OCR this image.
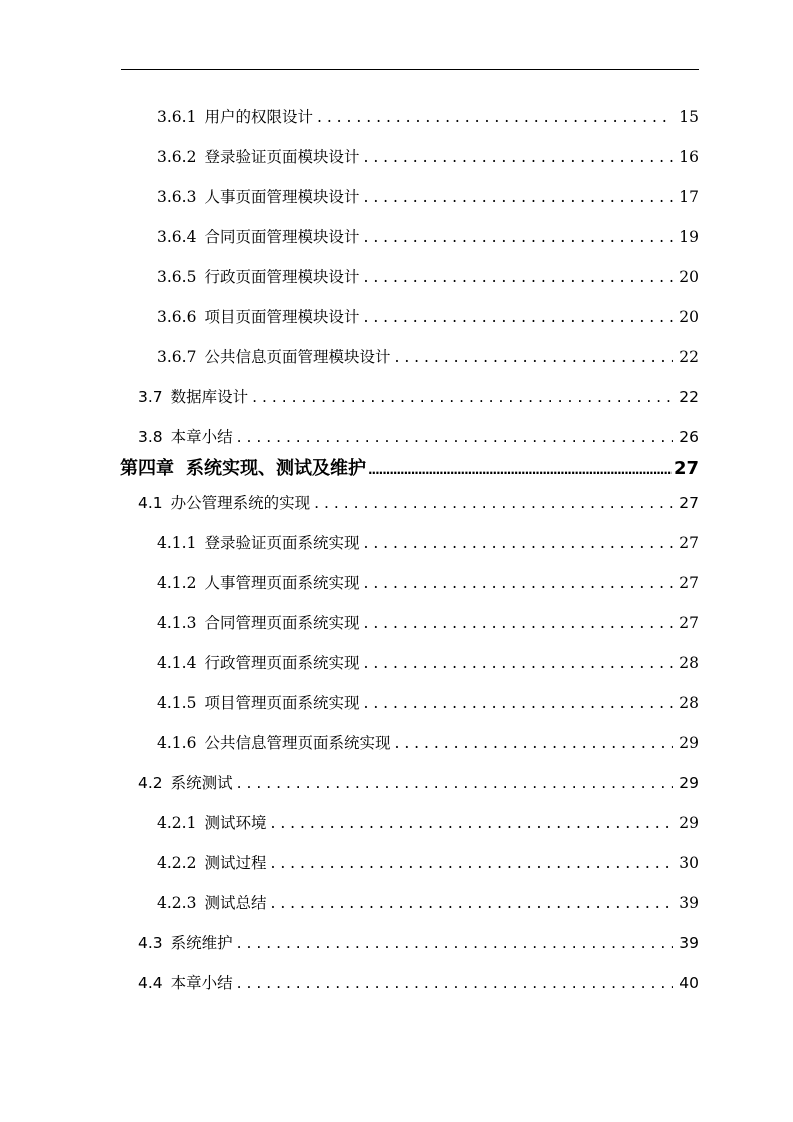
3.6.1 用户的权限设计 . . .	15
3.6.2 登录验证页面模块设计 . . .	16
3.6.3 人事页面管理模块设计 . . .	17
3.6.4 合同页面管理模块设计 . . .	19
3.6.5 行政页面管理模块设计 . . .	20
3.6.6 项目页面管理模块设计 . . .	20
3.6.7 公共信息页面管理模块设计 . . .	22
3.7 数据库设计 . . .	22
3.8 本章小结 . . .	26
第四章 系统实现、测试及维护 .....	27
4.1 办公管理系统的实现 . . .	27
4.1.1 登录验证页面系统实现 . . .	27
4.1.2 人事管理页面系统实现 . . .	27
4.1.3 合同管理页面系统实现 . . .	27
4.1.4 行政管理页面系统实现 . . .	28
4.1.5 项目管理页面系统实现 . . .	28
4.1.6 公共信息管理页面系统实现 . . .	29
4.2 系统测试 . . .	29
4.2.1 测试环境 . . .	29
4.2.2 测试过程 . . .	30
4.2.3 测试总结 . . .	39
4.3 系统维护 . . .	39
4.4 本章小结 . . .	40
